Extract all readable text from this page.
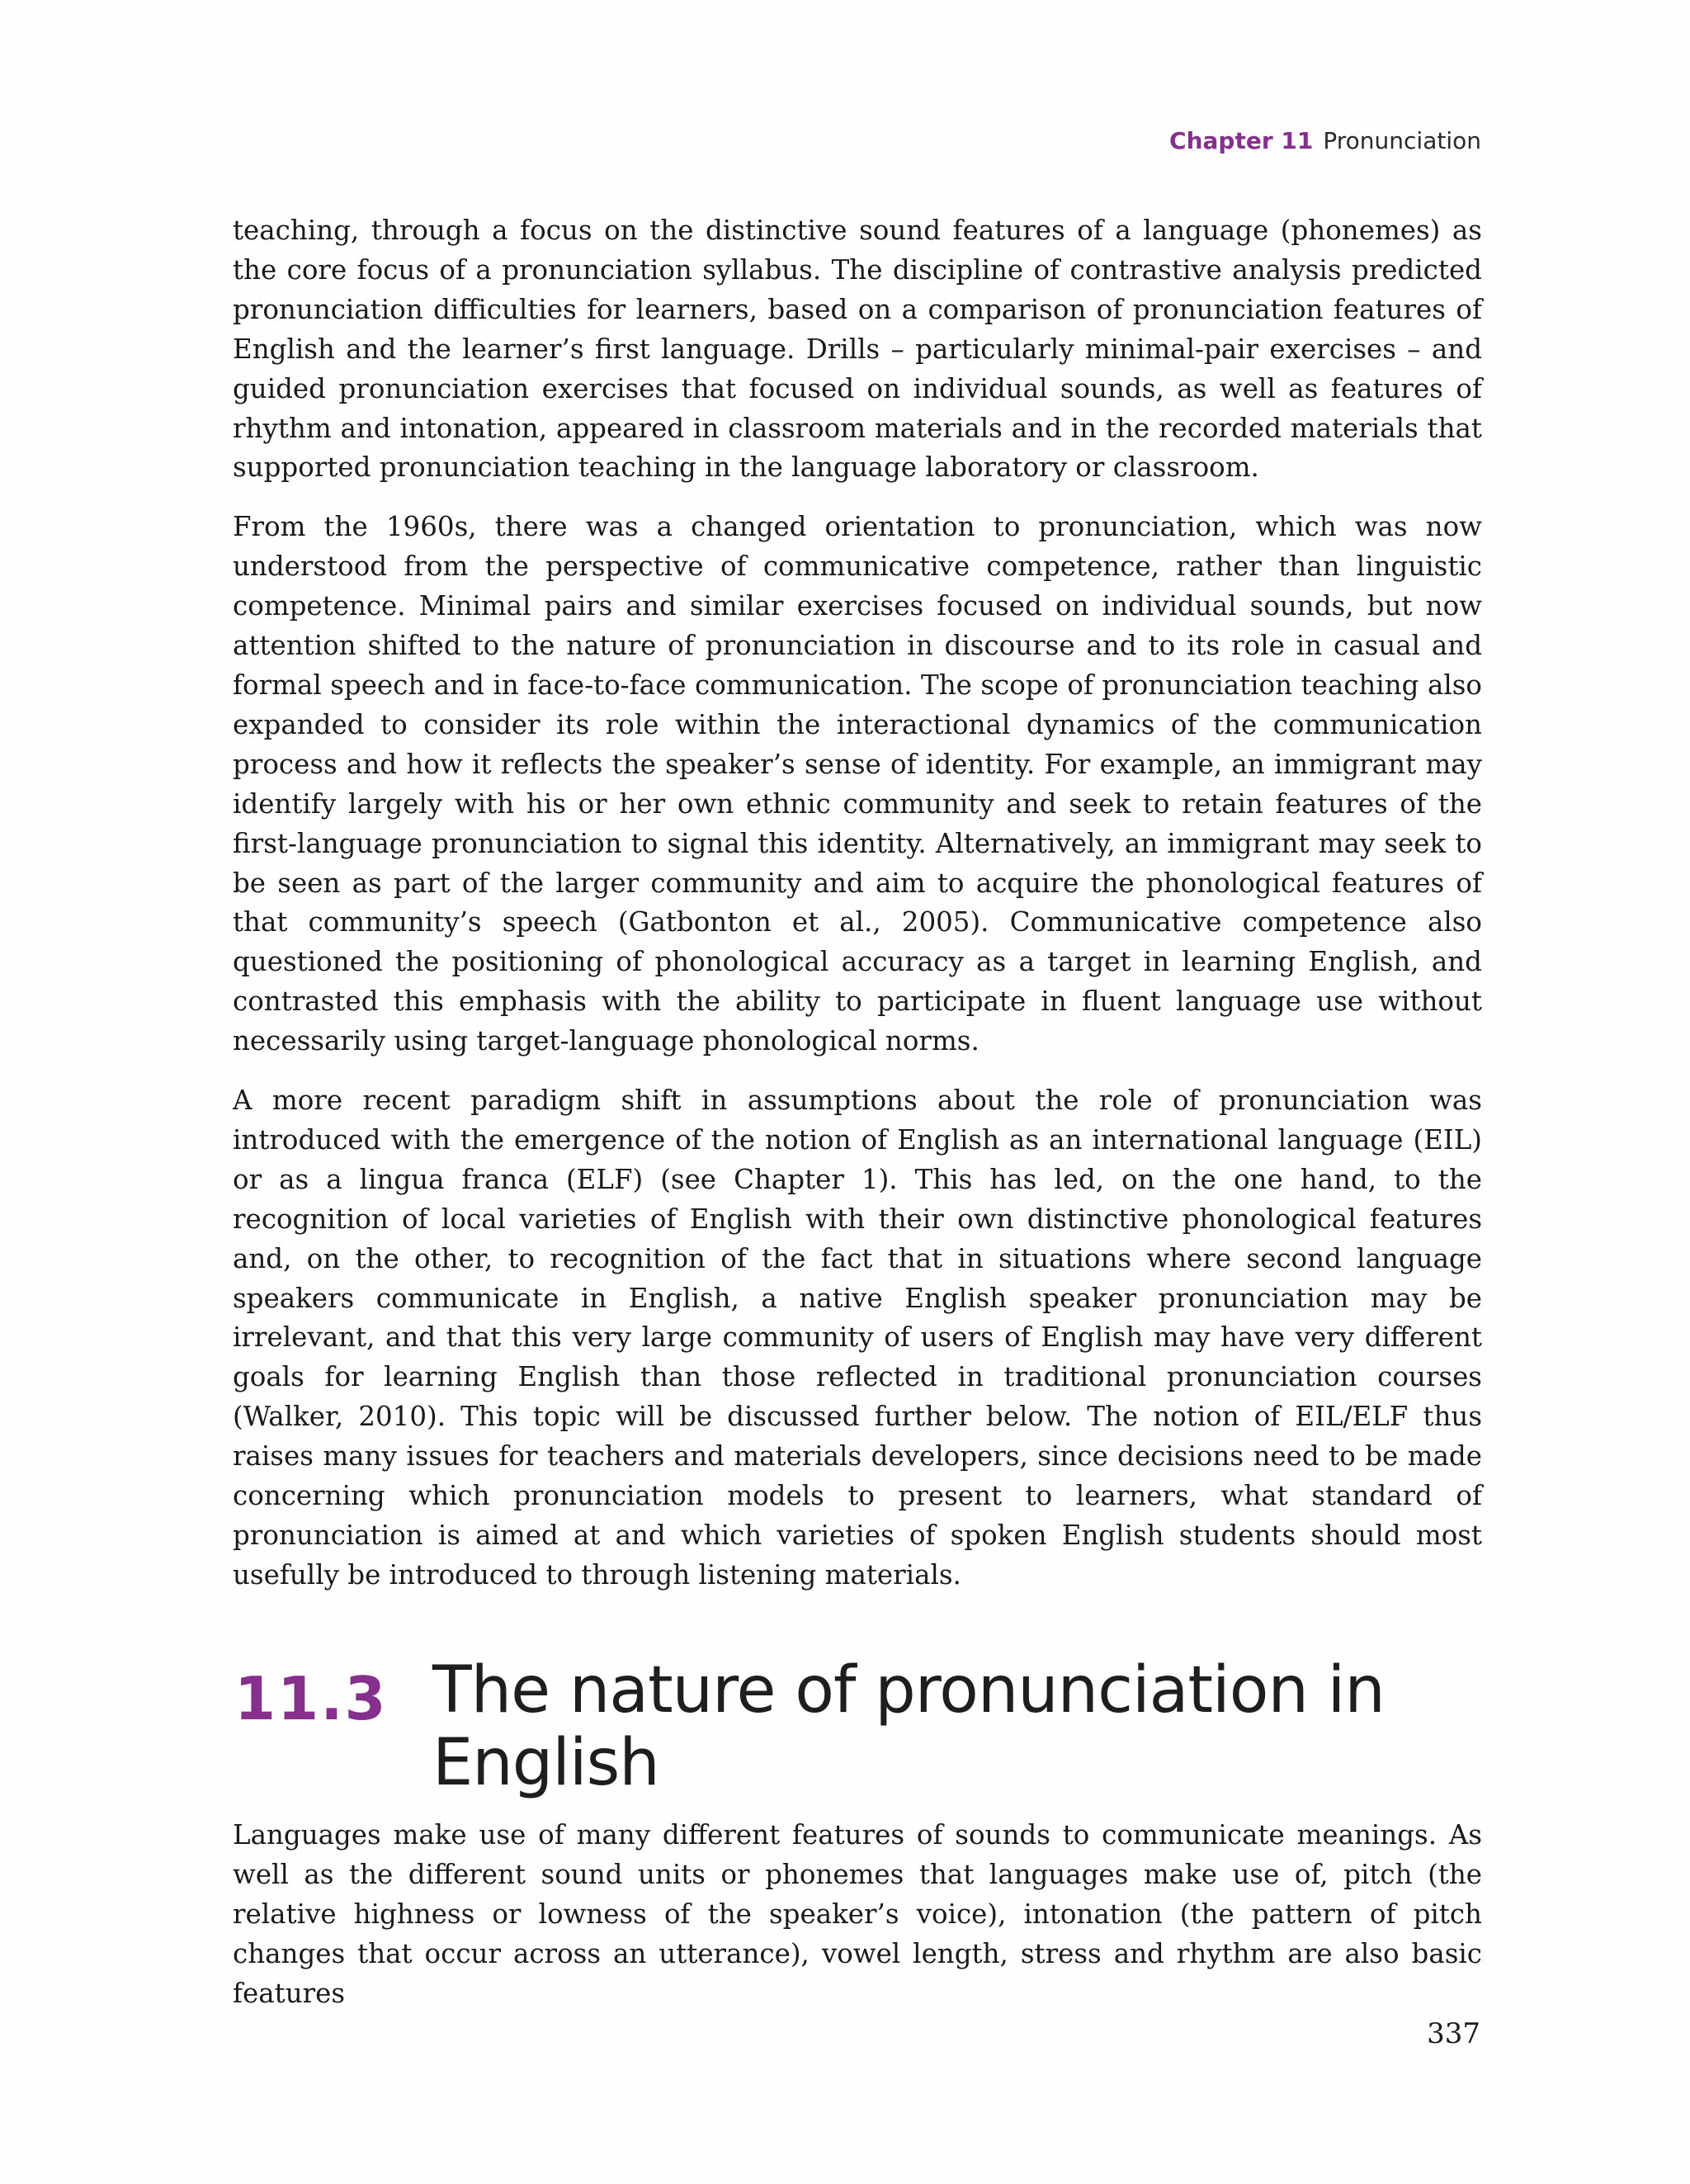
Chapter 11 Pronunciation

teaching, through a focus on the distinctive sound features of a language (phonemes) as the core focus of a pronunciation syllabus. The discipline of contrastive analysis predicted pronunciation difficulties for learners, based on a comparison of pronunciation features of English and the learner’s first language. Drills – particularly minimal-pair exercises – and guided pronunciation exercises that focused on individual sounds, as well as features of rhythm and intonation, appeared in classroom materials and in the recorded materials that supported pronunciation teaching in the language laboratory or classroom.

From the 1960s, there was a changed orientation to pronunciation, which was now understood from the perspective of communicative competence, rather than linguistic competence. Minimal pairs and similar exercises focused on individual sounds, but now attention shifted to the nature of pronunciation in discourse and to its role in casual and formal speech and in face-to-face communication. The scope of pronunciation teaching also expanded to consider its role within the interactional dynamics of the communication process and how it reflects the speaker’s sense of identity. For example, an immigrant may identify largely with his or her own ethnic community and seek to retain features of the first-language pronunciation to signal this identity. Alternatively, an immigrant may seek to be seen as part of the larger community and aim to acquire the phonological features of that community’s speech (Gatbonton et al., 2005). Communicative competence also questioned the positioning of phonological accuracy as a target in learning English, and contrasted this emphasis with the ability to participate in fluent language use without necessarily using target-language phonological norms.

A more recent paradigm shift in assumptions about the role of pronunciation was introduced with the emergence of the notion of English as an international language (EIL) or as a lingua franca (ELF) (see Chapter 1). This has led, on the one hand, to the recognition of local varieties of English with their own distinctive phonological features and, on the other, to recognition of the fact that in situations where second language speakers communicate in English, a native English speaker pronunciation may be irrelevant, and that this very large community of users of English may have very different goals for learning English than those reflected in traditional pronunciation courses (Walker, 2010). This topic will be discussed further below. The notion of EIL/ELF thus raises many issues for teachers and materials developers, since decisions need to be made concerning which pronunciation models to present to learners, what standard of pronunciation is aimed at and which varieties of spoken English students should most usefully be introduced to through listening materials.

11.3 The nature of pronunciation in English

Languages make use of many different features of sounds to communicate meanings. As well as the different sound units or phonemes that languages make use of, pitch (the relative highness or lowness of the speaker’s voice), intonation (the pattern of pitch changes that occur across an utterance), vowel length, stress and rhythm are also basic features

337
